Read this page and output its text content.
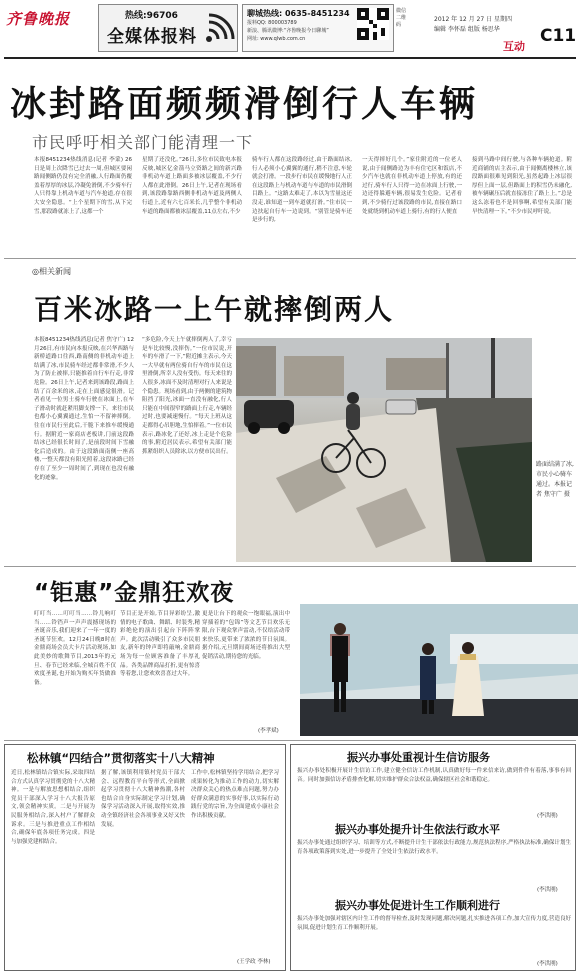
齐鲁晚报	热线:96706
全媒体报料
聊城热线: 0635-8451234
报料QQ: 800003789
新浪、腾讯微博:“齐鲁晚报今日聊城”
网址: www.qlwb.com.cn
微信二维码
2012 年 12 月 27 日 星期四
编辑 李怀磊 组版 杨思华
互动
C11
冰封路面频频滑倒行人车辆
市民呼吁相关部门能清理一下
本报8451234热线消息(记者 李蒙) 26日是周上次降雪已过去一周,但城区要闲路闻侧路仍没有完全消融,人行路面仍覆盖着厚厚的冰层,冷凝免滑倒,不少骑车行人只得靠上机动车道与汽车抢道,存在很大安全隐患。“上个星期下的雪,从下完雪,那段路就冻上了,这都一个
星期了还没化。”26日,多位市民致电本报反映,城区亿金箭马立资路之间的新兴路非机动车道上路面多被冰层覆盖,不少行人都在此滑倒。26日上午,记者在现场看到,该段路靠路西侧非机动车道及两侧人行道上,近有六七百米长,几乎整个非机动车道的路面都被冰层覆盖,11点左右,不少
骑车行人都在这段路经过,由于路面结冰,行人必须小心翼翼的通行,稍不注意,车轮就会打滑。一段步行市民在缓慢地行人正在这段路上与机动车道与车道的市民滑倒目路上。“这路太难走了,本以为雪量这还没走,谁知道一到车道就打滑。”住市民一边扶起自行车一边说到。“别管是骑车还是步行的,
一天得摔好几个。”家住附近的一位老人说,由于闻侧路边为丰有住宅区和饭店,不少汽车也就在非机动车道上停放,有的还过行,骑车行人只得一边在冰面上行驶,一边还得躲避车辆,很易发生危险。记者看到,不少骑行过该段路的市民,直接在路口处就绕到机动车道上骑行,有的行人便直
接到马路中间行驶,与各种车辆抢道。附近商铺的店主表示,由于闻侧离楼林立,该段路面很难见到阳光,虽然起路上冰层很厚但上面一层,但路面上的积雪仍未融化,被车辆碾压后就直接冻住了路上上。”总是这么冻着也不是回事啊,希望有关部门能早快清理一下。”不少市民呼吁说。
◎相关新闻
百米冰路一上午就摔倒两人
本报8451234热线消息(记者 焦守广) 12月26日,有市民向本报反映,在兴华西路与新桥道路口往西,路南侧的非机动车道上结满了冰,市民骑车经过都非常滑,不少人为了防止被摔,只能推着自行车行走,非常危险。26日上午,记者来到该路段,路面上结了百余米的冰,走在上面感觉很滑。记者看见一位男士骑车行驶在冰面上,在车子滑动时就赶紧用脚支撑一下。来往市民也都小心翼翼通过,生怕一不留神摔倒。往在市民行至此后,干脆下来推车缓慢通行。据附近一家商店老板讲,门前这段路结冰已经很长时间了,是前段时间下雪融化后造成的。由于这段路面南侧一座高楼,一整天都没有阳光照着,这段冰路已经存在了至少一周时间了,到现在也没有融化的迹象。
“多危险,今天上午就摔倒两人了,幸亏是车比较慢,没摔伤。”一位市民说,开车的车滑了一下,”附近摊主表示,今天一大早就有两位骑自行车的市民在这里滑倒,所幸人没有受伤。每天来往的人很多,冰面不及时清理对行人来说是个隐患。现场看到,由于两侧的建筑物阻挡了阳光,冰面一直没有融化,行人只能在中间很窄的路面上行走,车辆经过时,也要减速慢行。“每天上班从这走都得心吊胆地,生怕摔着。”一位市民表示,路冰化了还好,冰上走是个危险的事,附近居民表示,希望有关部门能抓紧组织人员除冰,以方便市民出行。
路面结满了冰,市民小心骑车通过。本报记者 焦守广 摄
“钜惠”金鼎狂欢夜
叮叮当……叮叮当……铃儿响叮当……铃铛声一声声震撼现场的圣诞音乐,我们迎来了一年一度的圣诞节狂欢。12月24日晚8时在金鼎商场会员大卡片活动现场,如此美妙的歌舞节目,2013年的元旦、春节已经来临,全城百姓不仅欢度圣诞,也开始为购买年货做准备。
节目正是开始,节目异彩纷呈,激情的电子歌曲、舞蹈、时装秀,精彩绝伦的演出引起台下阵阵掌声。此次活动吸引了众多市民朋友,新年的钟声即将敲响,金鼎商场为每一位顾客准备了丰厚礼品。各类品牌商品打折,更有惊喜等着您,让您欢欢喜喜过大年。
更是让台下的观众一饱眼福,演出中穿插着的“包锦”等文艺节目欢乐无限,台下观众掌声雷动,不仅给活动带来快乐,更带来了浓浓的节日氛围。据介绍,元旦期间商场还将推出大型促销活动,期待您的光临。
(李孝斌)
松林镇“四结合”贯彻落实十八大精神
近日,松林镇结合镇实际,采取四结合方式认真学习贯彻党的十八大精神。一是与解放思想相结合,组织党员干部深入学习十八大报告原文,领会精神实质。二是与开展为民服务相结合,深入村户了解群众诉求。三是与推进重点工作相结合,确保年底各项任务完成。四是与加强党建相结合。
据了解,该镇利用镇村党员干部大会、远程教育平台等形式,全面掀起学习贯彻十八大精神热潮,各村也结合自身实际制定学习计划,确保学习活动深入开展,取得实效,推动全镇经济社会各项事业又好又快发展。
工作中,松林镇坚持学用结合,把学习成果转化为推动工作的动力,切实解决群众关心的热点难点问题,努力办好群众满意的实事好事,以实际行动践行党的宗旨,为全面建成小康社会作出积极贡献。
(王学政 李林)
振兴办事处重视计生信访服务
振兴办事处积极开展计生信访工作,建立健全信访工作机制,认真做好每一件来信来访,做到件件有着落,事事有回音。同时加强信访矛盾排查化解,切实维护群众合法权益,确保辖区社会和谐稳定。
(李洪刚)
振兴办事处提升计生依法行政水平
振兴办事处通过组织学习、培训等方式,不断提升计生干部依法行政能力,规范执法程序,严格执法标准,确保计划生育各项政策落到实处,进一步提升了全处计生依法行政水平。
(李洪刚)
振兴办事处促进计生工作顺利进行
振兴办事处加强对辖区内计生工作的督导检查,及时发现问题,解决问题,扎实推进各项工作,加大宣传力度,营造良好氛围,促进计划生育工作顺利开展。
(李洪刚)
